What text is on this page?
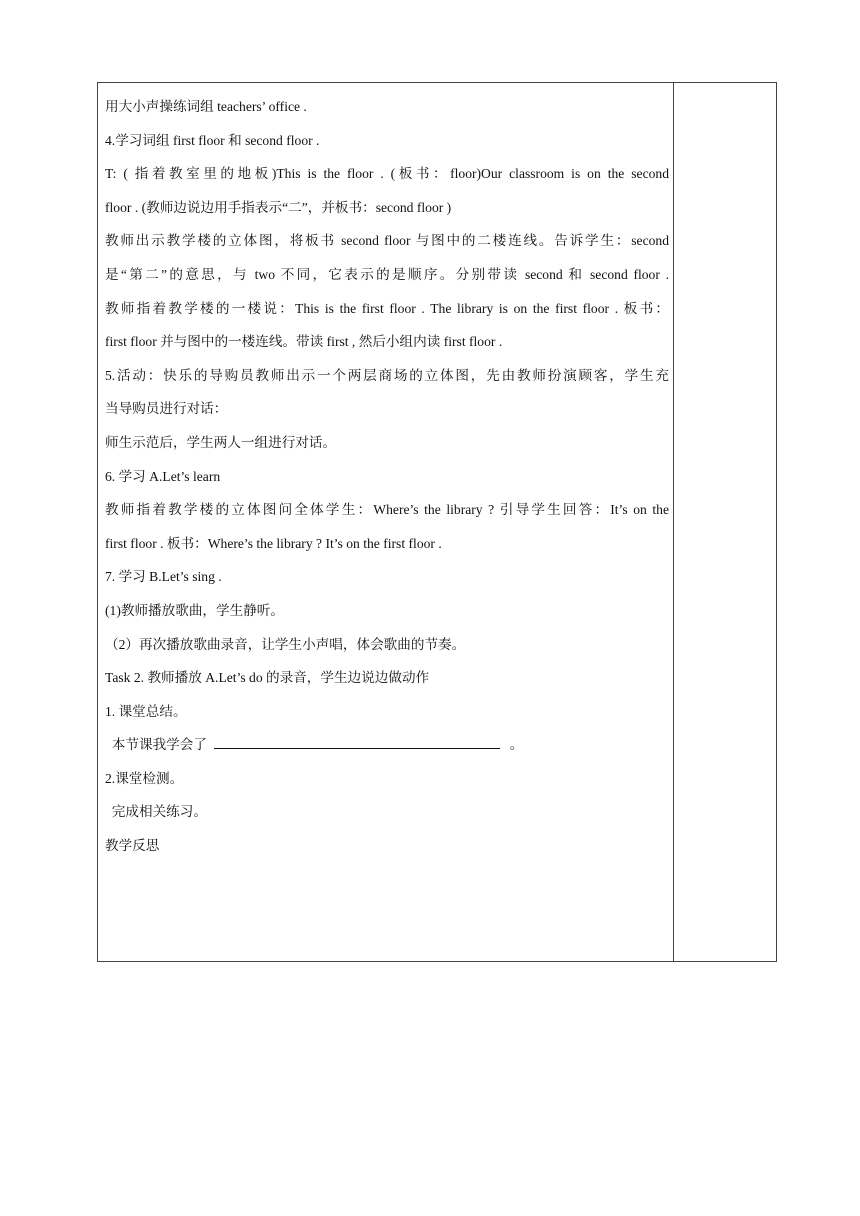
用大小声操练词组 teachers’ office .
4.学习词组 first floor 和 second floor .
T: ( 指着教室里的地板)This is the floor . (板书：floor)Our classroom is on the second
floor . (教师边说边用手指表示“二”，并板书：second floor )
教师出示教学楼的立体图，将板书 second floor 与图中的二楼连线。告诉学生：second
是“第二”的意思，与 two 不同，它表示的是顺序。分别带读 second 和 second floor .
教师指着教学楼的一楼说：This is the first floor . The library is on the first floor . 板书：
first floor 并与图中的一楼连线。带读 first , 然后小组内读 first floor .
5.活动：快乐的导购员教师出示一个两层商场的立体图，先由教师扮演顾客，学生充
当导购员进行对话：
师生示范后，学生两人一组进行对话。
6. 学习 A.Let’s learn
教师指着教学楼的立体图问全体学生：Where’s the library ? 引导学生回答：It’s on the
first floor . 板书：Where’s the library ? It’s on the first floor .
7. 学习 B.Let’s sing .
(1)教师播放歌曲，学生静听。
（2）再次播放歌曲录音，让学生小声唱，体会歌曲的节奏。
Task 2. 教师播放 A.Let’s do 的录音，学生边说边做动作
1. 课堂总结。
本节课我学会了	。
2.课堂检测。
完成相关练习。
教学反思
